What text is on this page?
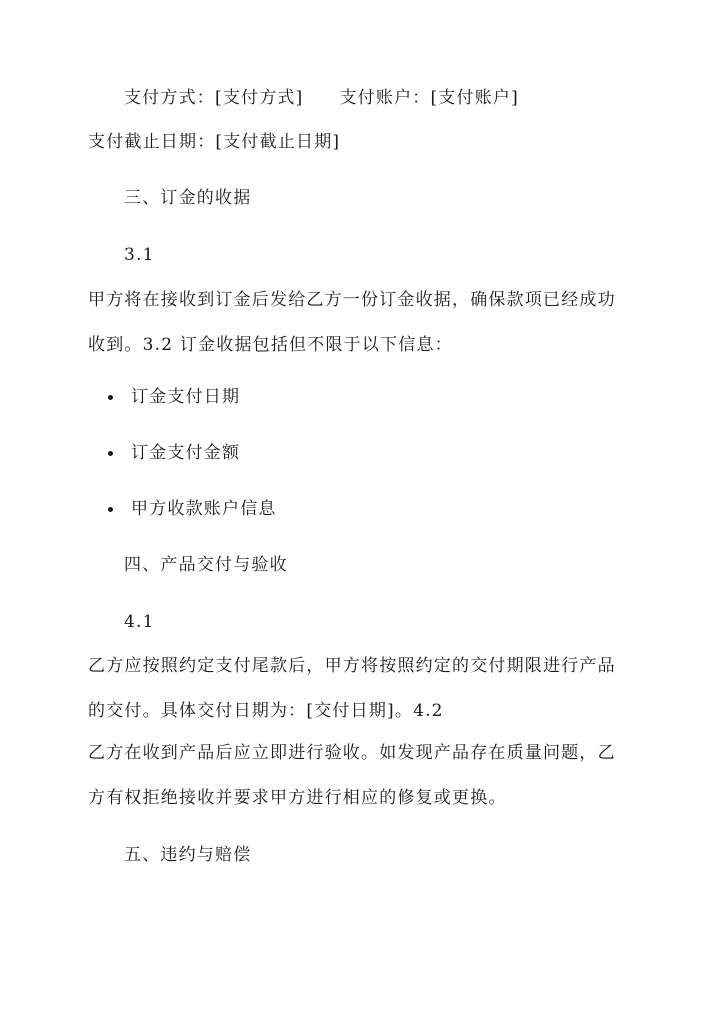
支付方式：[支付方式] 支付账户：[支付账户]
支付截止日期：[支付截止日期]
三、订金的收据
3.1
甲方将在接收到订金后发给乙方一份订金收据，确保款项已经成功
收到。3.2 订金收据包括但不限于以下信息：
订金支付日期
订金支付金额
甲方收款账户信息
四、产品交付与验收
4.1
乙方应按照约定支付尾款后，甲方将按照约定的交付期限进行产品
的交付。具体交付日期为：[交付日期]。4.2
乙方在收到产品后应立即进行验收。如发现产品存在质量问题，乙
方有权拒绝接收并要求甲方进行相应的修复或更换。
五、违约与赔偿
